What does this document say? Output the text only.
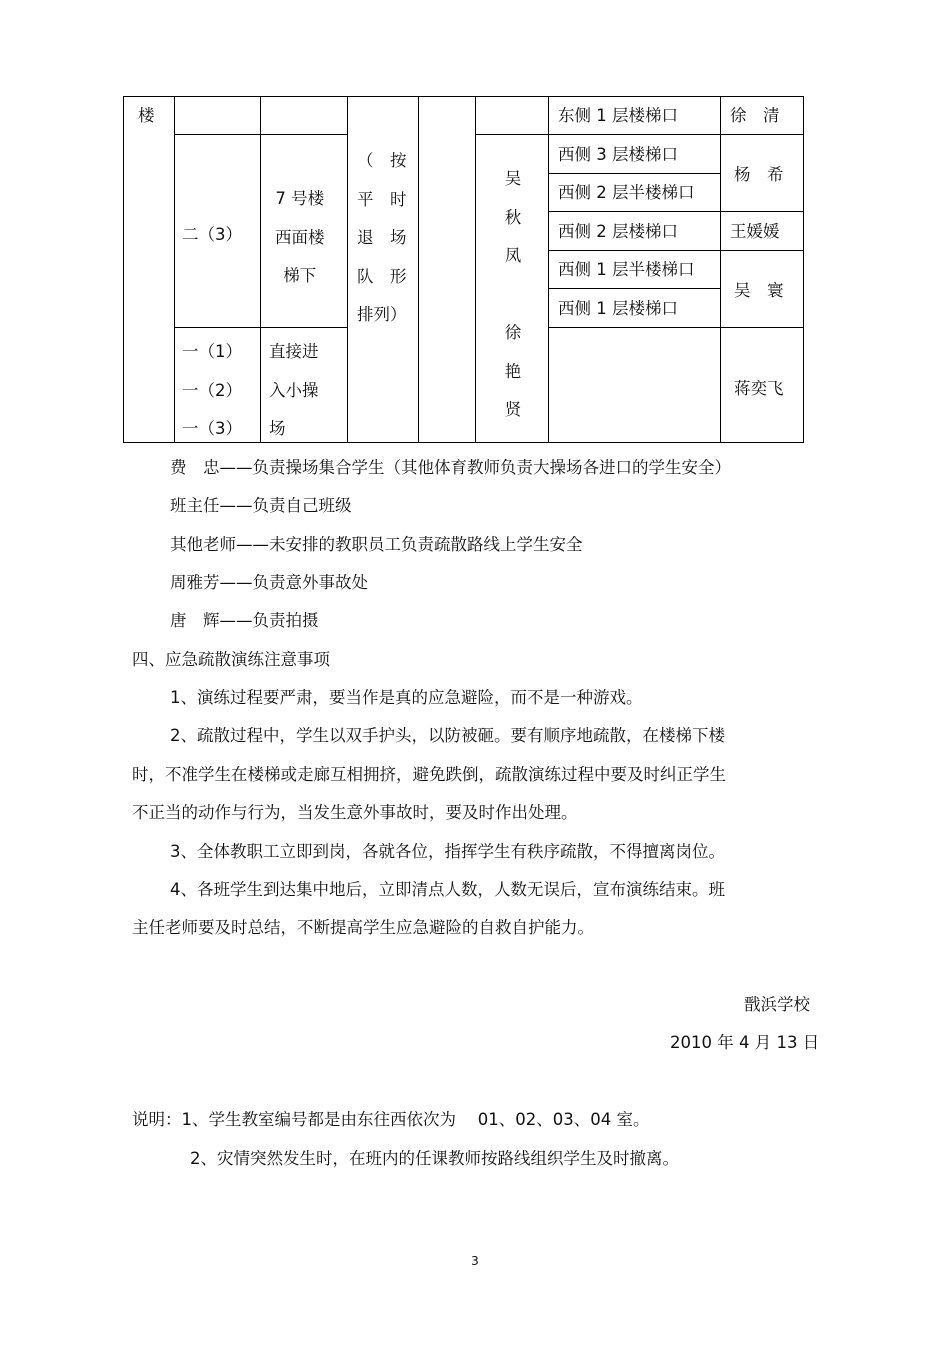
楼	东侧 1 层楼梯口	徐　清
二（3）
7 号楼
西面楼
梯下
（　按
平　时
退　场
队　形
排列）
吴
秋
凤

徐
艳
贤
西侧 3 层楼梯口
西侧 2 层半楼梯口
西侧 2 层楼梯口
西侧 1 层半楼梯口
西侧 1 层楼梯口
杨　希
王媛媛
吴　寰
一（1）
一（2）
一（3）
直接进
入小操
场
蒋奕飞
费　忠——负责操场集合学生（其他体育教师负责大操场各进口的学生安全）
班主任——负责自己班级
其他老师——未安排的教职员工负责疏散路线上学生安全
周雅芳——负责意外事故处
唐　辉——负责拍摄
四、应急疏散演练注意事项
1、演练过程要严肃，要当作是真的应急避险，而不是一种游戏。
2、疏散过程中，学生以双手护头，以防被砸。要有顺序地疏散，在楼梯下楼
时，不准学生在楼梯或走廊互相拥挤，避免跌倒，疏散演练过程中要及时纠正学生
不正当的动作与行为，当发生意外事故时，要及时作出处理。
3、全体教职工立即到岗，各就各位，指挥学生有秩序疏散，不得擅离岗位。
4、各班学生到达集中地后，立即清点人数，人数无误后，宣布演练结束。班
主任老师要及时总结，不断提高学生应急避险的自救自护能力。
戬浜学校
2010 年 4 月 13 日
说明：1、学生教室编号都是由东往西依次为　 01、02、03、04 室。
2、灾情突然发生时，在班内的任课教师按路线组织学生及时撤离。
3
